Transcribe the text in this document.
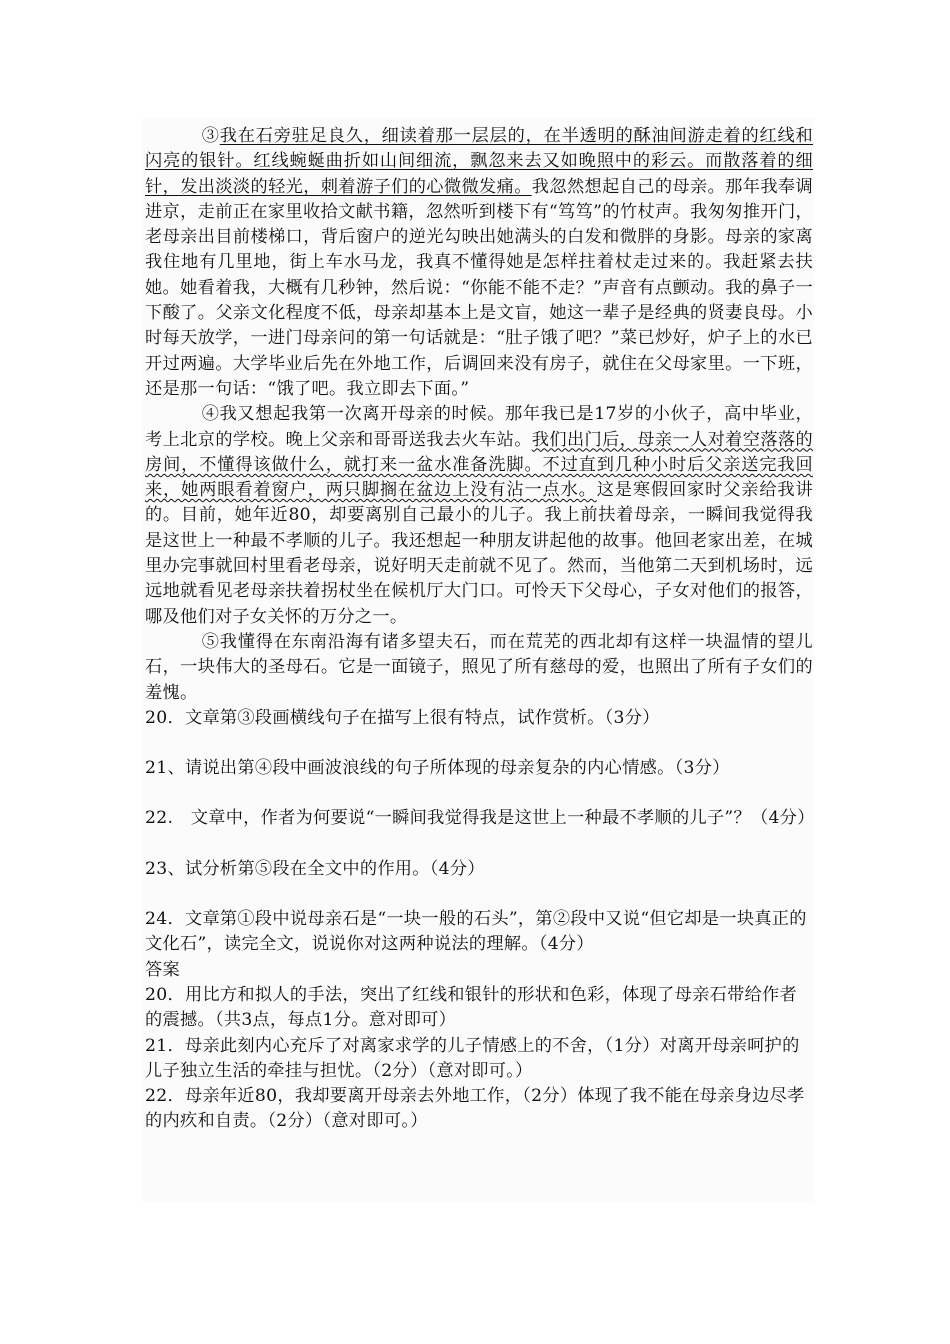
③我在石旁驻足良久，细读着那一层层的，在半透明的酥油间游走着的红线和闪亮的银针。红线蜿蜒曲折如山间细流，飘忽来去又如晚照中的彩云。而散落着的细针，发出淡淡的轻光，刺着游子们的心微微发痛。我忽然想起自己的母亲。那年我奉调进京，走前正在家里收拾文献书籍，忽然听到楼下有“笃笃”的竹杖声。我匆匆推开门，老母亲出目前楼梯口，背后窗户的逆光勾映出她满头的白发和微胖的身影。母亲的家离我住地有几里地，街上车水马龙，我真不懂得她是怎样拄着杖走过来的。我赶紧去扶她。她看着我，大概有几秒钟，然后说：“你能不能不走？”声音有点颤动。我的鼻子一下酸了。父亲文化程度不低，母亲却基本上是文盲，她这一辈子是经典的贤妻良母。小时每天放学，一进门母亲问的第一句话就是：“肚子饿了吧？”菜已炒好，炉子上的水已开过两遍。大学毕业后先在外地工作，后调回来没有房子，就住在父母家里。一下班，还是那一句话：“饿了吧。我立即去下面。”

④我又想起我第一次离开母亲的时候。那年我已是17岁的小伙子，高中毕业，考上北京的学校。晚上父亲和哥哥送我去火车站。我们出门后，母亲一人对着空落落的房间，不懂得该做什么，就打来一盆水准备洗脚。不过直到几种小时后父亲送完我回来，她两眼看着窗户，两只脚搁在盆边上没有沾一点水。这是寒假回家时父亲给我讲的。目前，她年近80，却要离别自己最小的儿子。我上前扶着母亲，一瞬间我觉得我是这世上一种最不孝顺的儿子。我还想起一种朋友讲起他的故事。他回老家出差，在城里办完事就回村里看老母亲，说好明天走前就不见了。然而，当他第二天到机场时，远远地就看见老母亲扶着拐杖坐在候机厅大门口。可怜天下父母心，子女对他们的报答，哪及他们对子女关怀的万分之一。

⑤我懂得在东南沿海有诸多望夫石，而在荒芜的西北却有这样一块温情的望儿石，一块伟大的圣母石。它是一面镜子，照见了所有慈母的爱，也照出了所有子女们的羞愧。

20．文章第③段画横线句子在描写上很有特点，试作赏析。（3分）

21、请说出第④段中画波浪线的句子所体现的母亲复杂的内心情感。（3分）

22.　文章中，作者为何要说“一瞬间我觉得我是这世上一种最不孝顺的儿子”？（4分）

23、试分析第⑤段在全文中的作用。（4分）

24．文章第①段中说母亲石是“一块一般的石头”，第②段中又说“但它却是一块真正的文化石”，读完全文，说说你对这两种说法的理解。（4分）

答案

20．用比方和拟人的手法，突出了红线和银针的形状和色彩，体现了母亲石带给作者的震撼。（共3点，每点1分。意对即可）

21．母亲此刻内心充斥了对离家求学的儿子情感上的不舍，（1分）对离开母亲呵护的儿子独立生活的牵挂与担忧。（2分）（意对即可。）

22．母亲年近80，我却要离开母亲去外地工作，（2分）体现了我不能在母亲身边尽孝的内疚和自责。（2分）（意对即可。）
